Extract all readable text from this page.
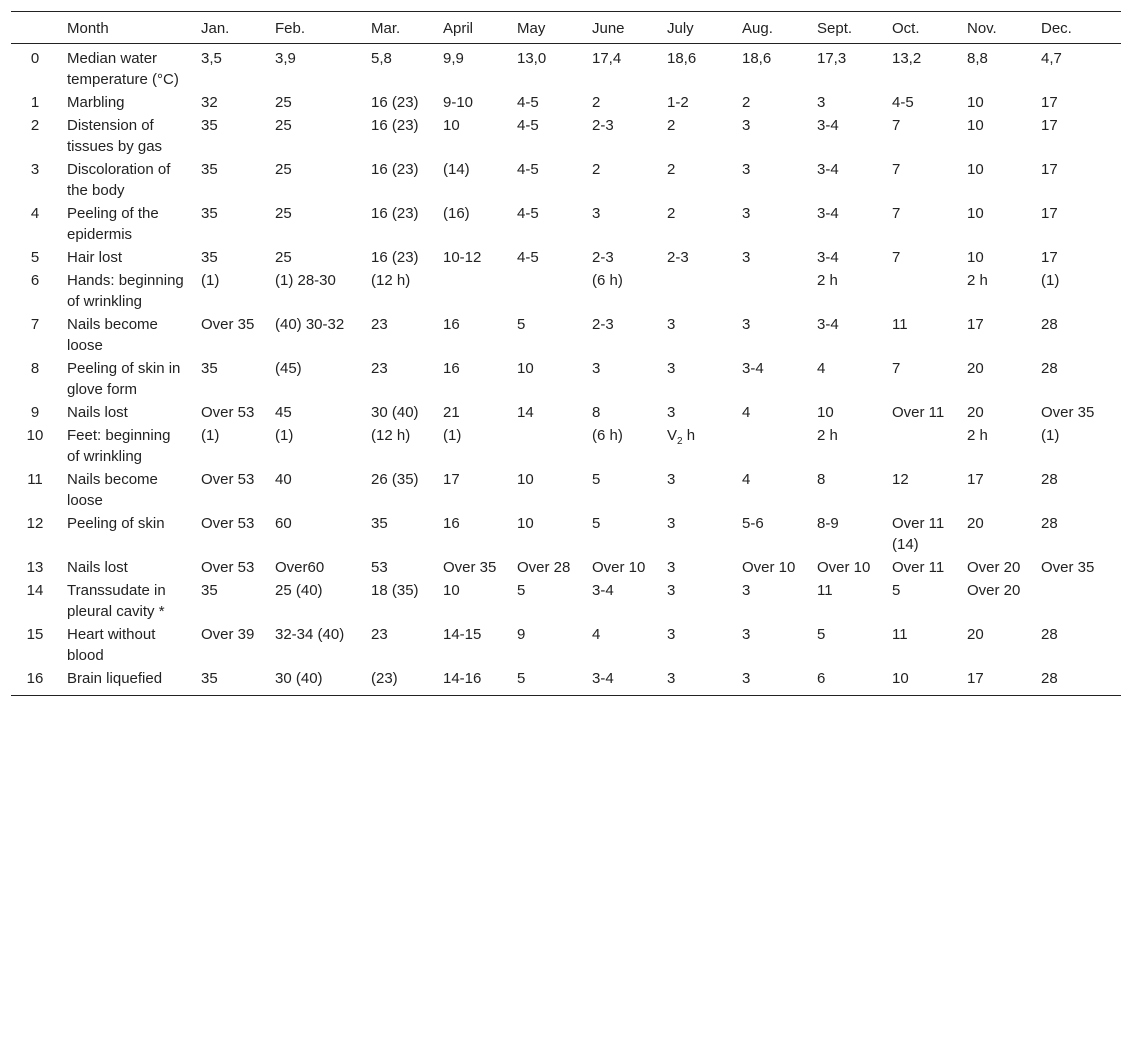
	Month	Jan.	Feb.	Mar.	April	May	June	July	Aug.	Sept.	Oct.	Nov.	Dec.
0	Median water temperature (°C)	3,5	3,9	5,8	9,9	13,0	17,4	18,6	18,6	17,3	13,2	8,8	4,7
1	Marbling	32	25	16 (23)	9-10	4-5	2	1-2	2	3	4-5	10	17
2	Distension of tissues by gas	35	25	16 (23)	10	4-5	2-3	2	3	3-4	7	10	17
3	Discoloration of the body	35	25	16 (23)	(14)	4-5	2	2	3	3-4	7	10	17
4	Peeling of the epidermis	35	25	16 (23)	(16)	4-5	3	2	3	3-4	7	10	17
5	Hair lost	35	25	16 (23)	10-12	4-5	2-3	2-3	3	3-4	7	10	17
6	Hands: beginning of wrinkling	(1)	(1) 28-30	(12 h)			(6 h)			2 h		2 h	(1)
7	Nails become loose	Over 35	(40) 30-32	23	16	5	2-3	3	3	3-4	11	17	28
8	Peeling of skin in glove form	35	(45)	23	16	10	3	3	3-4	4	7	20	28
9	Nails lost	Over 53	45	30 (40)	21	14	8	3	4	10	Over 11	20	Over 35
10	Feet: beginning of wrinkling	(1)	(1)	(12 h)	(1)		(6 h)	$V_2$ h		2 h		2 h	(1)
11	Nails become loose	Over 53	40	26 (35)	17	10	5	3	4	8	12	17	28
12	Peeling of skin	Over 53	60	35	16	10	5	3	5-6	8-9	Over 11 (14)	20	28
13	Nails lost	Over 53	Over60	53	Over 35	Over 28	Over 10	3	Over 10	Over 10	Over 11	Over 20	Over 35
14	Transsudate in pleural cavity *	35	25 (40)	18 (35)	10	5	3-4	3	3	11	5	Over 20	
15	Heart without blood	Over 39	32-34 (40)	23	14-15	9	4	3	3	5	11	20	28
16	Brain liquefied	35	30 (40)	(23)	14-16	5	3-4	3	3	6	10	17	28
